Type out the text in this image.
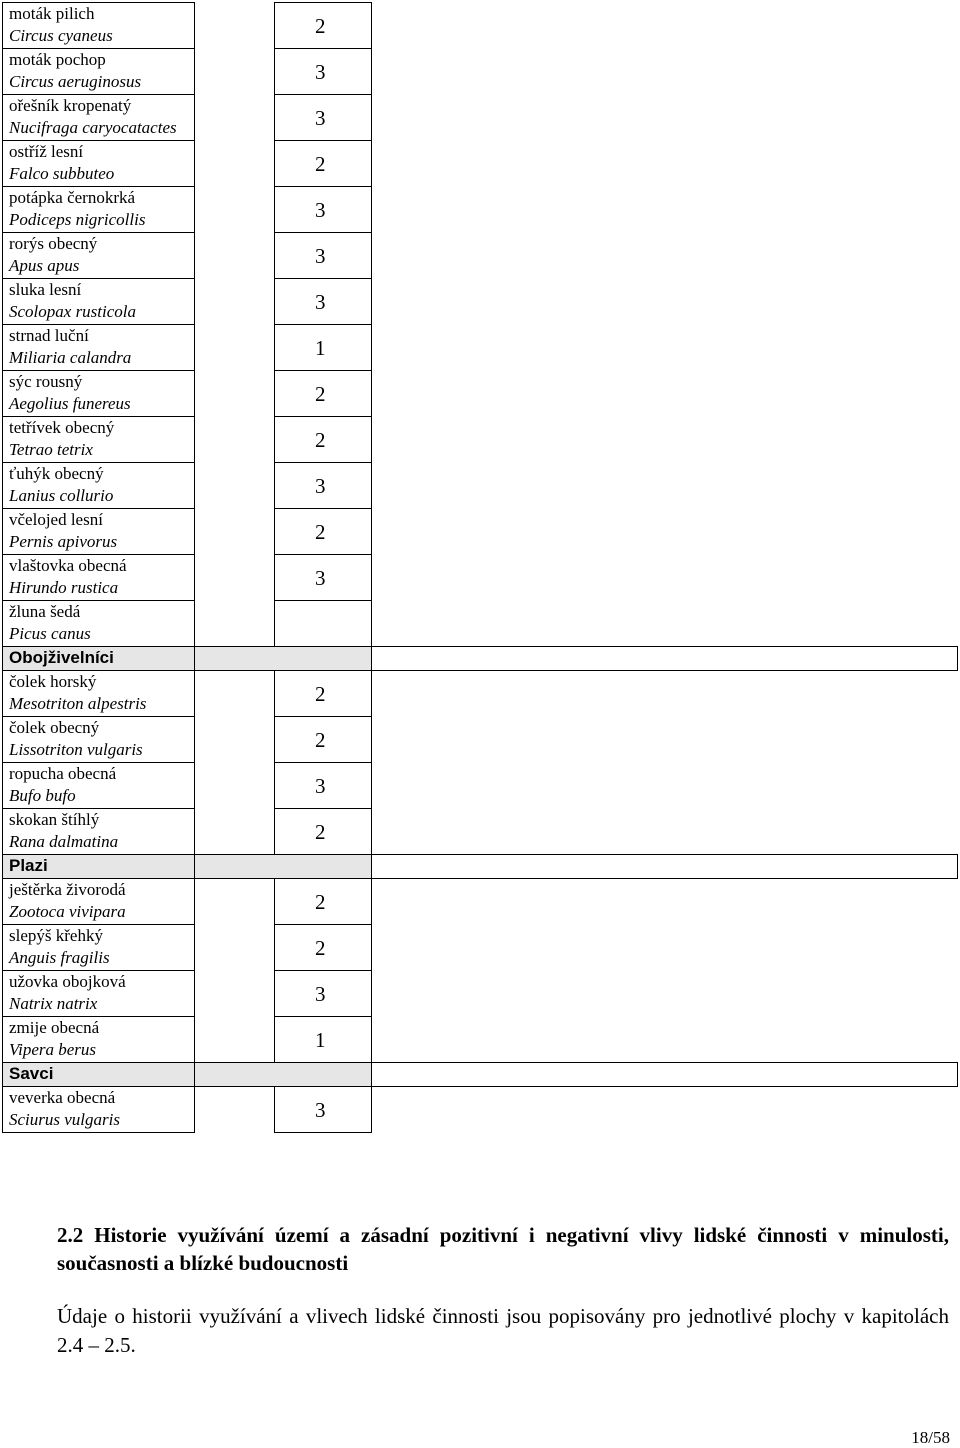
moták pilich
Circus cyaneus		2	

moták pochop
Circus aeruginosus		3	

ořešník kropenatý
Nucifraga caryocatactes		3	

ostříž lesní
Falco subbuteo		2	

potápka černokrká
Podiceps nigricollis		3	

rorýs obecný
Apus apus		3	

sluka lesní
Scolopax rusticola		3	

strnad luční
Miliaria calandra		1	

sýc rousný
Aegolius funereus		2	

tetřívek obecný
Tetrao tetrix		2	

ťuhýk obecný
Lanius collurio		3	

včelojed lesní
Pernis apivorus		2	

vlaštovka obecná
Hirundo rustica		3	

žluna šedá
Picus canus			

Obojživelníci			

čolek horský
Mesotriton alpestris		2	

čolek obecný
Lissotriton vulgaris		2	

ropucha obecná
Bufo bufo		3	

skokan štíhlý
Rana dalmatina		2	
Plazi			

ještěrka živorodá
Zootoca vivipara		2	

slepýš křehký
Anguis fragilis		2	

užovka obojková
Natrix natrix		3	

zmije obecná
Vipera berus		1	
Savci			

veverka obecná
Sciurus vulgaris		3	
2.2 Historie využívání území a zásadní pozitivní i negativní vlivy lidské činnosti v minulosti, současnosti a blízké budoucnosti
Údaje o historii využívání a vlivech lidské činnosti jsou popisovány pro jednotlivé plochy v kapitolách 2.4 – 2.5.
18/58
